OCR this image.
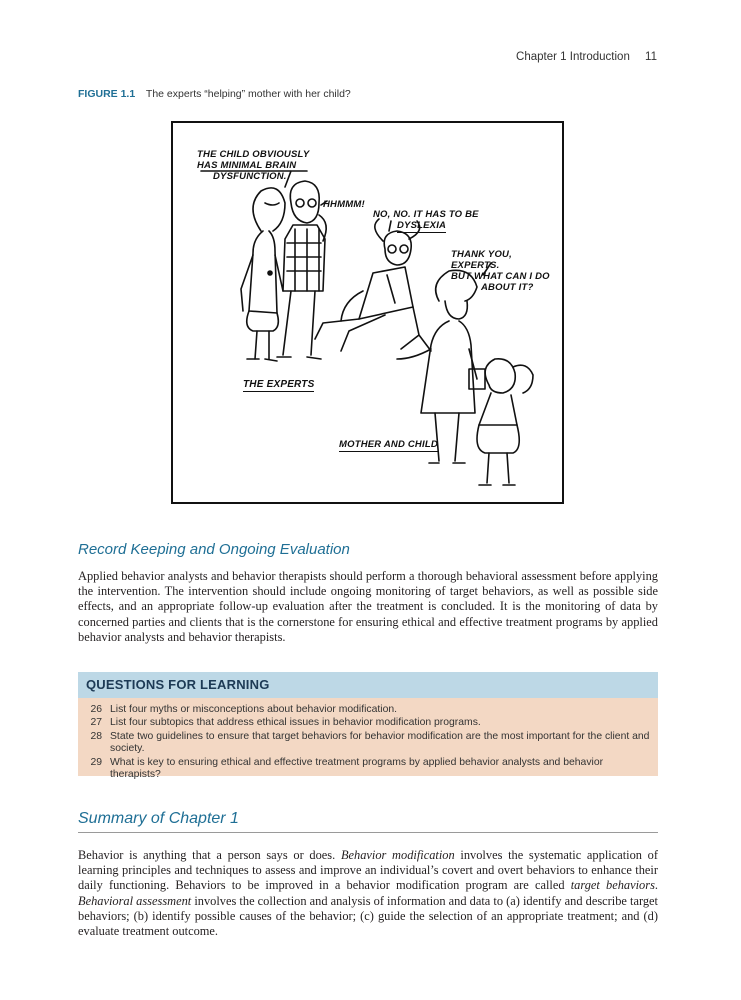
Chapter 1 Introduction 11
FIGURE 1.1 The experts “helping” mother with her child?
THE CHILD OBVIOUSLY
HAS MINIMAL BRAIN
DYSFUNCTION.
HHMMM!
NO, NO. IT HAS TO BE
DYSLEXIA
THANK YOU, EXPERTS.
BUT WHAT CAN I DO
ABOUT IT?
THE EXPERTS
MOTHER AND CHILD
Record Keeping and Ongoing Evaluation

Applied behavior analysts and behavior therapists should perform a thorough behavioral assessment before applying the intervention. The intervention should include ongoing monitoring of target behaviors, as well as possible side effects, and an appropriate follow-up evaluation after the treatment is concluded. It is the monitoring of data by concerned parties and clients that is the cornerstone for ensuring ethical and effective treatment programs by applied behavior analysts and behavior therapists.

QUESTIONS FOR LEARNING
26 List four myths or misconceptions about behavior modification.
27 List four subtopics that address ethical issues in behavior modification programs.
28 State two guidelines to ensure that target behaviors for behavior modification are the most important for the client and society.
29 What is key to ensuring ethical and effective treatment programs by applied behavior analysts and behavior therapists?
Summary of Chapter 1

Behavior is anything that a person says or does. Behavior modification involves the systematic application of learning principles and techniques to assess and improve an individual’s covert and overt behaviors to enhance their daily functioning. Behaviors to be improved in a behavior modification program are called target behaviors. Behavioral assessment involves the collection and analysis of information and data to (a) identify and describe target behaviors; (b) identify possible causes of the behavior; (c) guide the selection of an appropriate treatment; and (d) evaluate treatment outcome.
